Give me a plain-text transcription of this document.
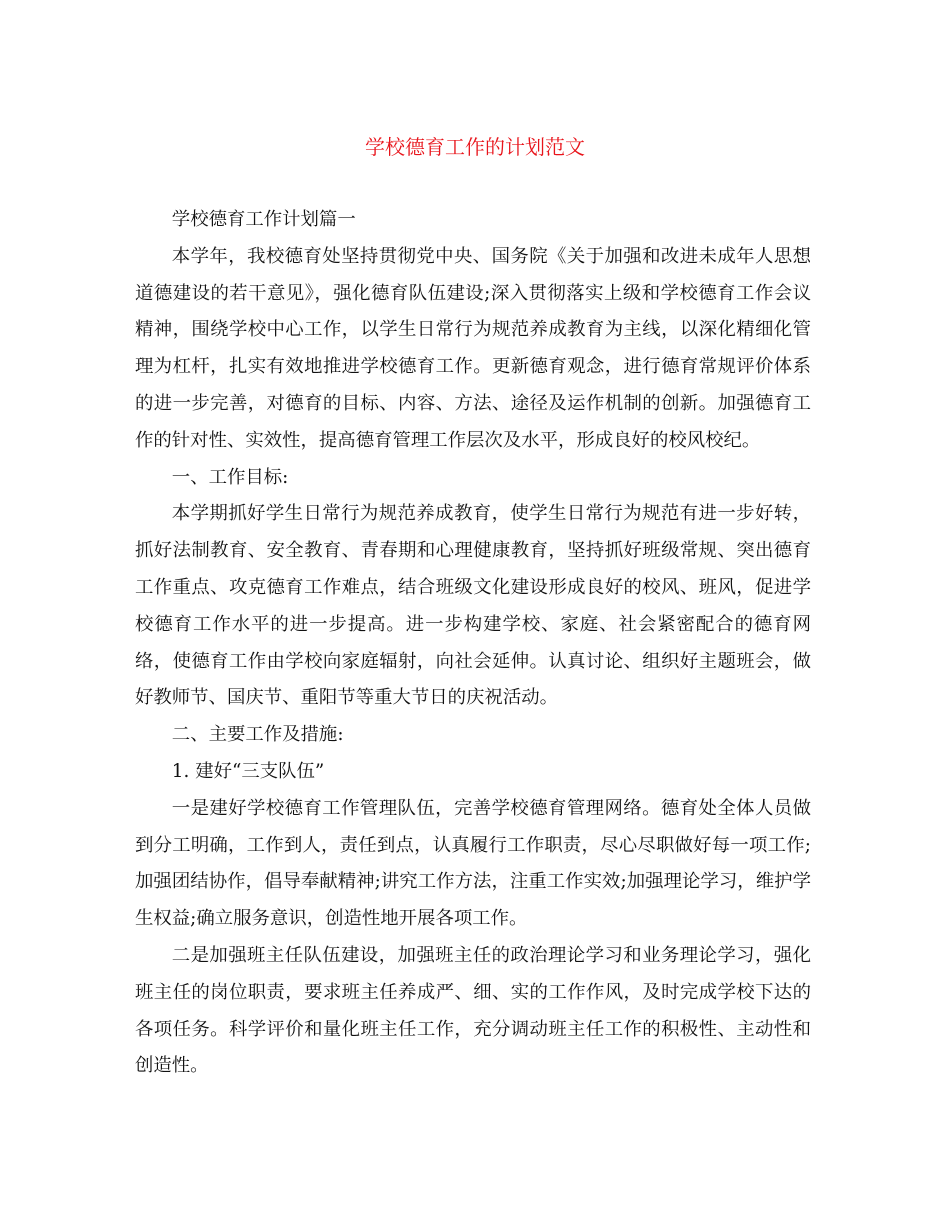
学校德育工作的计划范文

学校德育工作计划篇一

本学年，我校德育处坚持贯彻党中央、国务院《关于加强和改进未成年人思想道德建设的若干意见》，强化德育队伍建设;深入贯彻落实上级和学校德育工作会议精神，围绕学校中心工作，以学生日常行为规范养成教育为主线，以深化精细化管理为杠杆，扎实有效地推进学校德育工作。更新德育观念，进行德育常规评价体系的进一步完善，对德育的目标、内容、方法、途径及运作机制的创新。加强德育工作的针对性、实效性，提高德育管理工作层次及水平，形成良好的校风校纪。

一、工作目标:

本学期抓好学生日常行为规范养成教育，使学生日常行为规范有进一步好转，抓好法制教育、安全教育、青春期和心理健康教育，坚持抓好班级常规、突出德育工作重点、攻克德育工作难点，结合班级文化建设形成良好的校风、班风，促进学校德育工作水平的进一步提高。进一步构建学校、家庭、社会紧密配合的德育网络，使德育工作由学校向家庭辐射，向社会延伸。认真讨论、组织好主题班会，做好教师节、国庆节、重阳节等重大节日的庆祝活动。

二、主要工作及措施:

1. 建好“三支队伍”

一是建好学校德育工作管理队伍，完善学校德育管理网络。德育处全体人员做到分工明确，工作到人，责任到点，认真履行工作职责，尽心尽职做好每一项工作;加强团结协作，倡导奉献精神;讲究工作方法，注重工作实效;加强理论学习，维护学生权益;确立服务意识，创造性地开展各项工作。

二是加强班主任队伍建设，加强班主任的政治理论学习和业务理论学习，强化班主任的岗位职责，要求班主任养成严、细、实的工作作风，及时完成学校下达的各项任务。科学评价和量化班主任工作，充分调动班主任工作的积极性、主动性和创造性。
